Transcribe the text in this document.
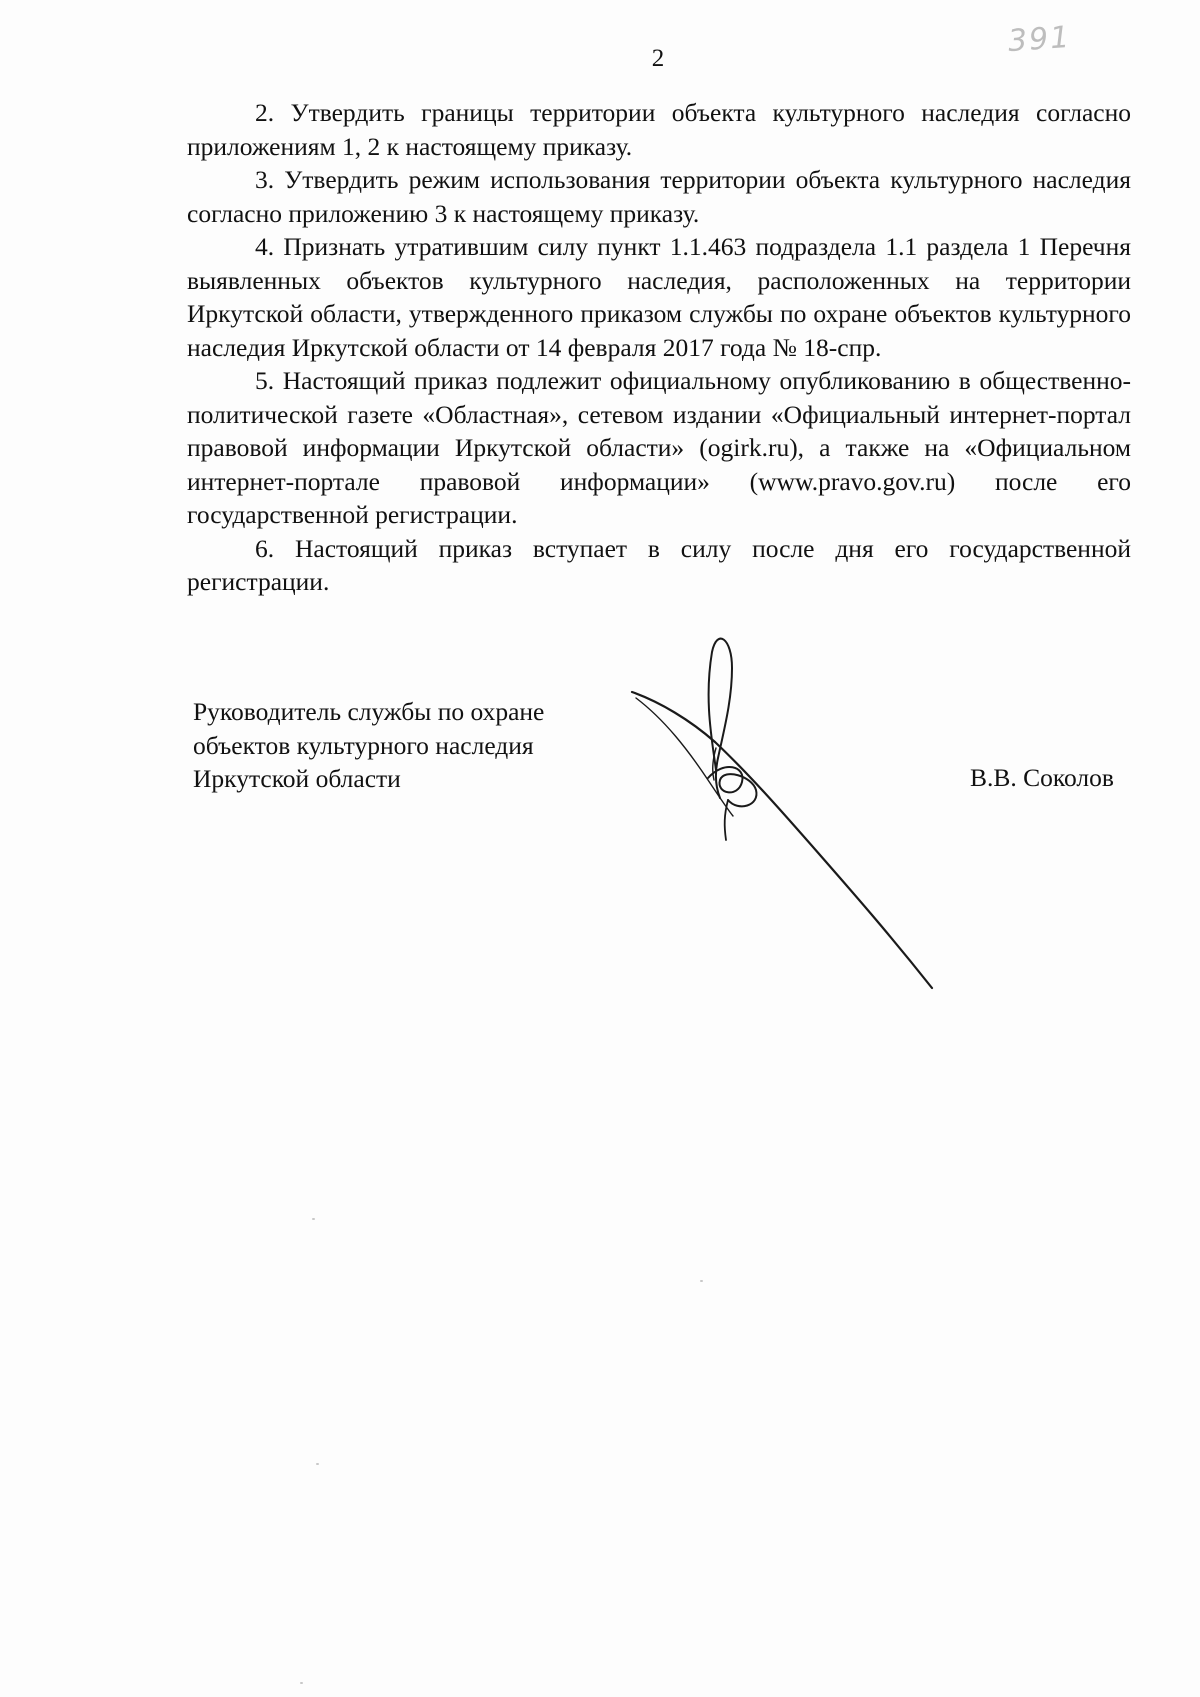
2	391

2. Утвердить границы территории объекта культурного наследия согласно приложениям 1, 2 к настоящему приказу.

3. Утвердить режим использования территории объекта культурного наследия согласно приложению 3 к настоящему приказу.

4. Признать утратившим силу пункт 1.1.463 подраздела 1.1 раздела 1 Перечня выявленных объектов культурного наследия, расположенных на территории Иркутской области, утвержденного приказом службы по охране объектов культурного наследия Иркутской области от 14 февраля 2017 года № 18-спр.

5. Настоящий приказ подлежит официальному опубликованию в общественно-политической газете «Областная», сетевом издании «Официальный интернет-портал правовой информации Иркутской области» (ogirk.ru), а также на «Официальном интернет-портале правовой информации» (www.pravo.gov.ru) после его государственной регистрации.

6. Настоящий приказ вступает в силу после дня его государственной регистрации.

Руководитель службы по охране
объектов культурного наследия
Иркутской области	В.В. Соколов
